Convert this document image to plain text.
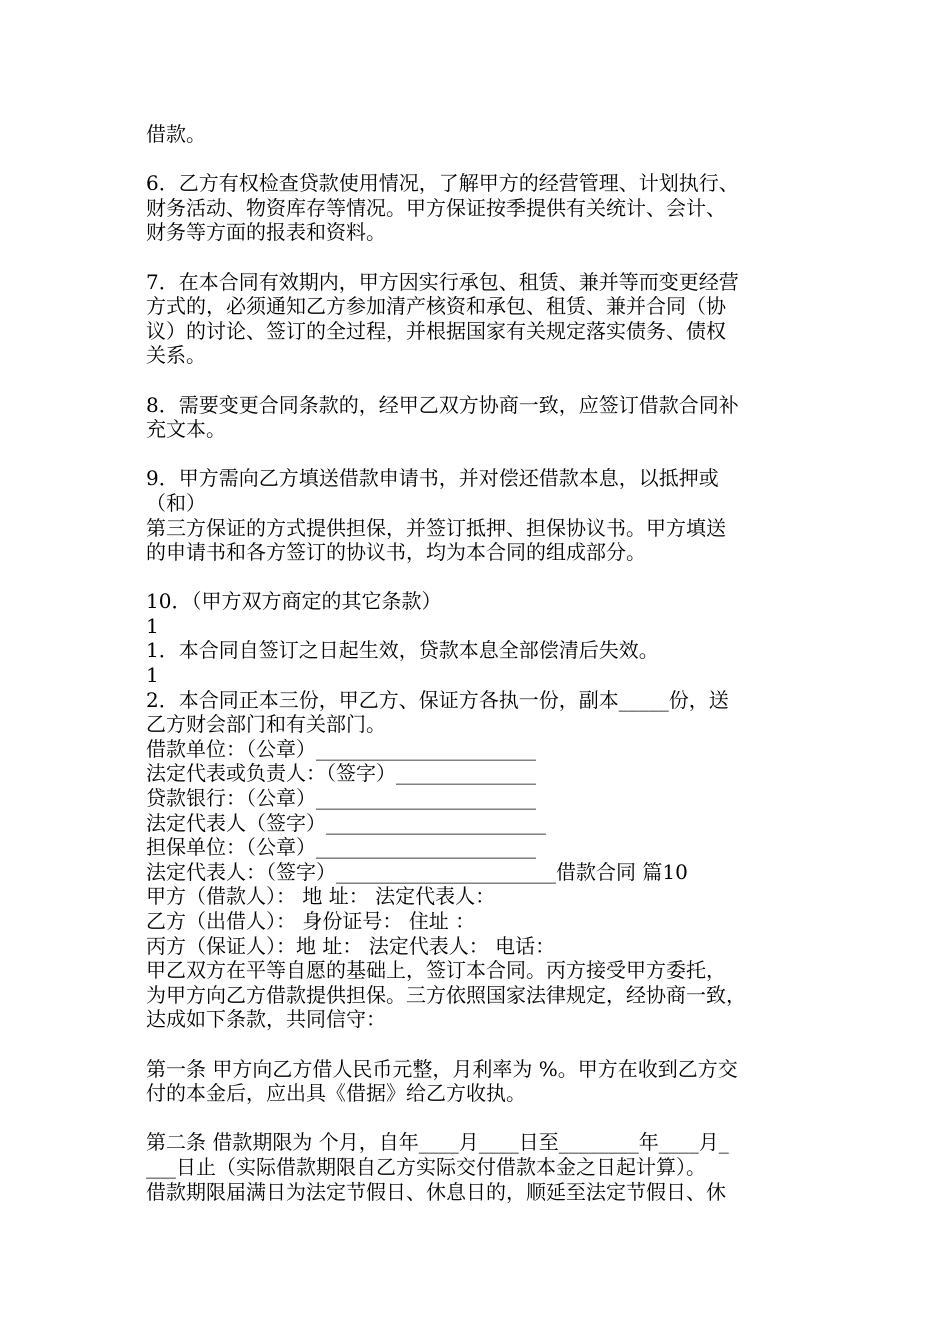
借款。
6．乙方有权检查贷款使用情况，了解甲方的经营管理、计划执行、
财务活动、物资库存等情况。甲方保证按季提供有关统计、会计、
财务等方面的报表和资料。
7．在本合同有效期内，甲方因实行承包、租赁、兼并等而变更经营
方式的，必须通知乙方参加清产核资和承包、租赁、兼并合同（协
议）的讨论、签订的全过程，并根据国家有关规定落实债务、债权
关系。
8．需要变更合同条款的，经甲乙双方协商一致，应签订借款合同补
充文本。
9．甲方需向乙方填送借款申请书，并对偿还借款本息，以抵押或
（和）
第三方保证的方式提供担保，并签订抵押、担保协议书。甲方填送
的申请书和各方签订的协议书，均为本合同的组成部分。
10．（甲方双方商定的其它条款）
1
1．本合同自签订之日起生效，贷款本息全部偿清后失效。
1
2．本合同正本三份，甲乙方、保证方各执一份，副本_____份，送
乙方财会部门和有关部门。
借款单位：（公章）______________________
法定代表或负责人：（签字）______________
贷款银行：（公章）______________________
法定代表人（签字）______________________
担保单位：（公章）______________________
法定代表人：（签字）______________________借款合同 篇10
甲方（借款人）： 地 址： 法定代表人：
乙方（出借人）： 身份证号： 住址 ：
丙方（保证人）：地 址： 法定代表人： 电话：
甲乙双方在平等自愿的基础上，签订本合同。丙方接受甲方委托，
为甲方向乙方借款提供担保。三方依照国家法律规定，经协商一致，
达成如下条款，共同信守：
第一条 甲方向乙方借人民币元整，月利率为 %。甲方在收到乙方交
付的本金后，应出具《借据》给乙方收执。
第二条 借款期限为 个月，自年____月____日至________年____月_
___日止（实际借款期限自乙方实际交付借款本金之日起计算）。
借款期限届满日为法定节假日、休息日的，顺延至法定节假日、休
